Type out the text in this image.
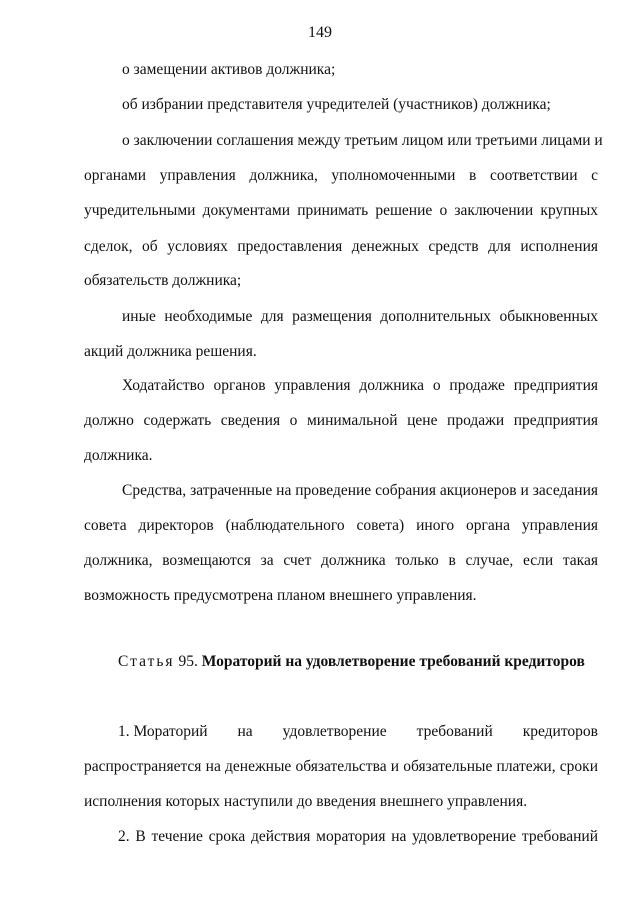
149
о замещении активов должника;
об избрании представителя учредителей (участников) должника;
о заключении соглашения между третьим лицом или третьими лицами и
органами управления должника, уполномоченными в соответствии с
учредительными документами принимать решение о заключении крупных
сделок, об условиях предоставления денежных средств для исполнения
обязательств должника;
иные необходимые для размещения дополнительных обыкновенных
акций должника решения.
Ходатайство органов управления должника о продаже предприятия
должно содержать сведения о минимальной цене продажи предприятия
должника.
Средства, затраченные на проведение собрания акционеров и заседания
совета директоров (наблюдательного совета) иного органа управления
должника, возмещаются за счет должника только в случае, если такая
возможность предусмотрена планом внешнего управления.
Статья 95. Мораторий на удовлетворение требований кредиторов
1. Мораторий на удовлетворение требований кредиторов
распространяется на денежные обязательства и обязательные платежи, сроки
исполнения которых наступили до введения внешнего управления.
2. В течение срока действия моратория на удовлетворение требований
